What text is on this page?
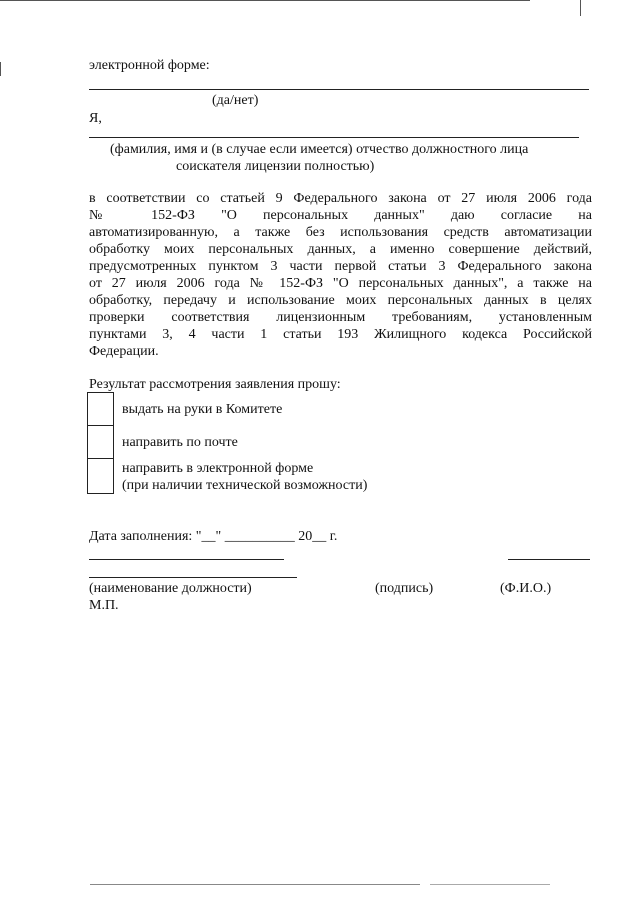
электронной форме:
(да/нет)
Я,
(фамилия, имя и (в случае если имеется) отчество должностного лица
соискателя лицензии полностью)
в соответствии со статьей 9 Федерального закона от 27 июля 2006 года
№ 152-ФЗ "О персональных данных" даю согласие на
автоматизированную, а также без использования средств автоматизации
обработку моих персональных данных, а именно совершение действий,
предусмотренных пунктом 3 части первой статьи 3 Федерального закона
от 27 июля 2006 года № 152-ФЗ "О персональных данных", а также на
обработку, передачу и использование моих персональных данных в целях
проверки соответствия лицензионным требованиям, установленным
пунктами 3, 4 части 1 статьи 193 Жилищного кодекса Российской
Федерации.
Результат рассмотрения заявления прошу:
выдать на руки в Комитете
направить по почте
направить в электронной форме
(при наличии технической возможности)
Дата заполнения: "__" __________ 20__ г.
(наименование должности)	(подпись)	(Ф.И.О.)
М.П.
